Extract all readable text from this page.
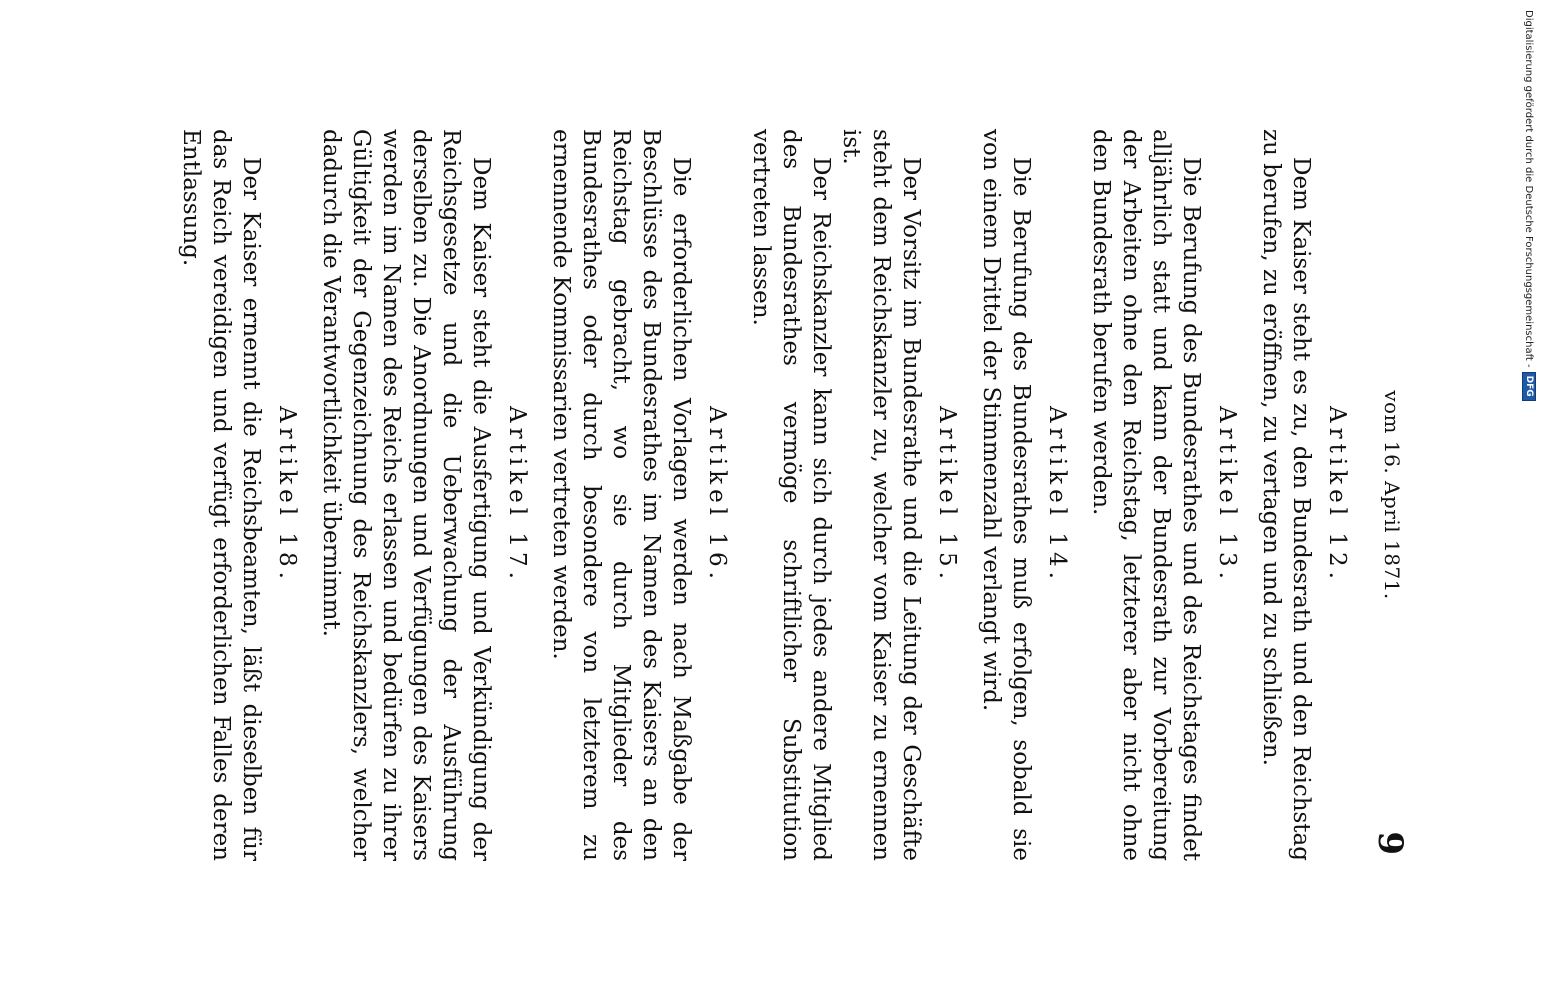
vom 16. April 1871.
9
Artikel 12.

Dem Kaiser steht es zu, den Bundesrath und den Reichstag zu berufen, zu eröffnen, zu vertagen und zu schließen.

Artikel 13.

Die Berufung des Bundesrathes und des Reichstages findet alljährlich statt und kann der Bundesrath zur Vorbereitung der Arbeiten ohne den Reichstag, letzterer aber nicht ohne den Bundesrath berufen werden.

Artikel 14.

Die Berufung des Bundesrathes muß erfolgen, sobald sie von einem Drittel der Stimmenzahl verlangt wird.

Artikel 15.

Der Vorsitz im Bundesrathe und die Leitung der Geschäfte steht dem Reichskanzler zu, welcher vom Kaiser zu ernennen ist.

Der Reichskanzler kann sich durch jedes andere Mitglied des Bundesrathes vermöge schriftlicher Substitution vertreten lassen.

Artikel 16.

Die erforderlichen Vorlagen werden nach Maßgabe der Beschlüsse des Bundesrathes im Namen des Kaisers an den Reichstag gebracht, wo sie durch Mitglieder des Bundesrathes oder durch besondere von letzterem zu ernennende Kommissarien vertreten werden.

Artikel 17.

Dem Kaiser steht die Ausfertigung und Verkündigung der Reichsgesetze und die Ueberwachung der Ausführung derselben zu. Die Anordnungen und Verfügungen des Kaisers werden im Namen des Reichs erlassen und bedürfen zu ihrer Gültigkeit der Gegenzeichnung des Reichskanzlers, welcher dadurch die Verantwortlichkeit übernimmt.

Artikel 18.

Der Kaiser ernennt die Reichsbeamten, läßt dieselben für das Reich vereidigen und verfügt erforderlichen Falles deren Entlassung.	Digitalisierung gefördert durch die Deutsche Forschungsgemeinschaft -
DFG
